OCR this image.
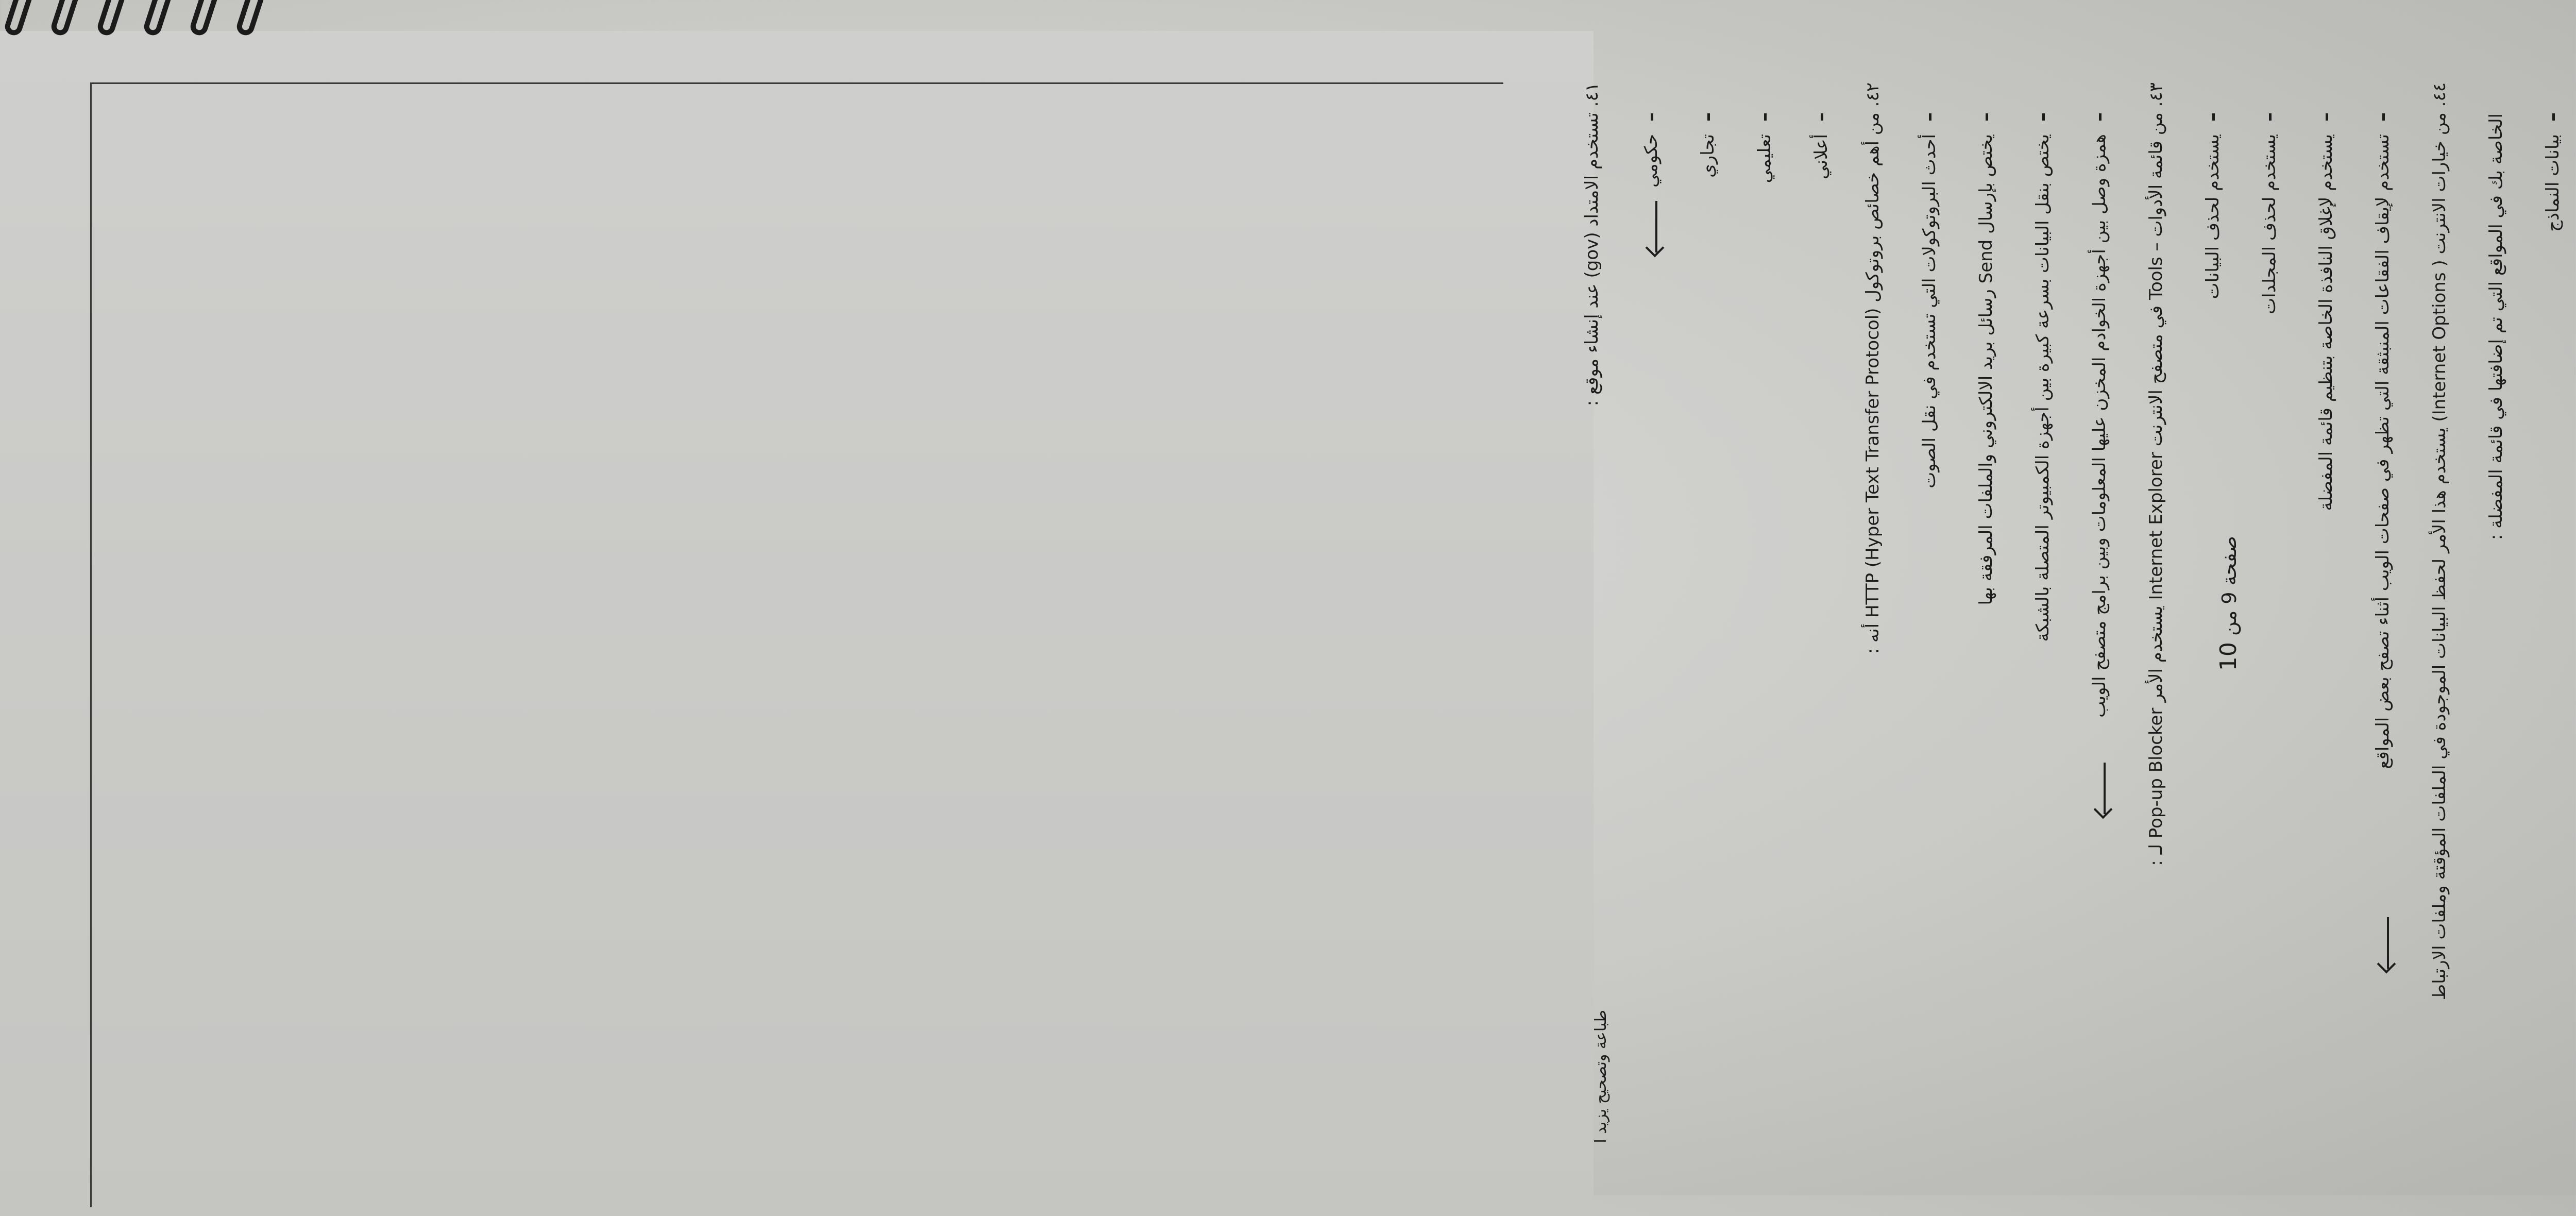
٤١. تستخدم الامتداد (gov) عند إنشاء موقع :
حكومي تجاري تعليمي أعلاني
٤٢. من أهم خصائص بروتوكول (HTTP (Hyper Text Transfer Protocol أنه :
أحدث البروتوكولات التي تستخدم في نقل الصوت يختص بإرسال Send رسائل بريد الالكتروني والملفات المرفقة بها يختص بنقل البيانات بسرعة كبيرة بين أجهزة الكمبيوتر المتصلة بالشبكة همزة وصل بين أجهزة الخوادم المخزن عليها المعلومات وبين برامج متصفح الويب
٤٣. من قائمة الأدوات – Tools في متصفح الانترنت Internet Explorer يستخدم الأمر Pop-up Blocker لـ :
يستخدم لحذف البيانات يستخدم لحذف المجلدات يستخدم لإغلاق النافذة الخاصة بتنظيم قائمة المفضلة تستخدم لإيقاف الفقاعات المنبثقة التي تظهر في صفحات الويب أثناء تصفح بعض المواقع ٤٤. من خيارات الانترنت ( Internet Options) يستخدم هذا الأمر لحفظ البيانات الموجودة في الملفات المؤقتة وملفات الارتباط
الخاصة بك في المواقع التي تم إضافتها في قائمة المفضلة : بيانات النماذج
صفحة 9 من 10
طباعة وتصحيح يزيد ا
